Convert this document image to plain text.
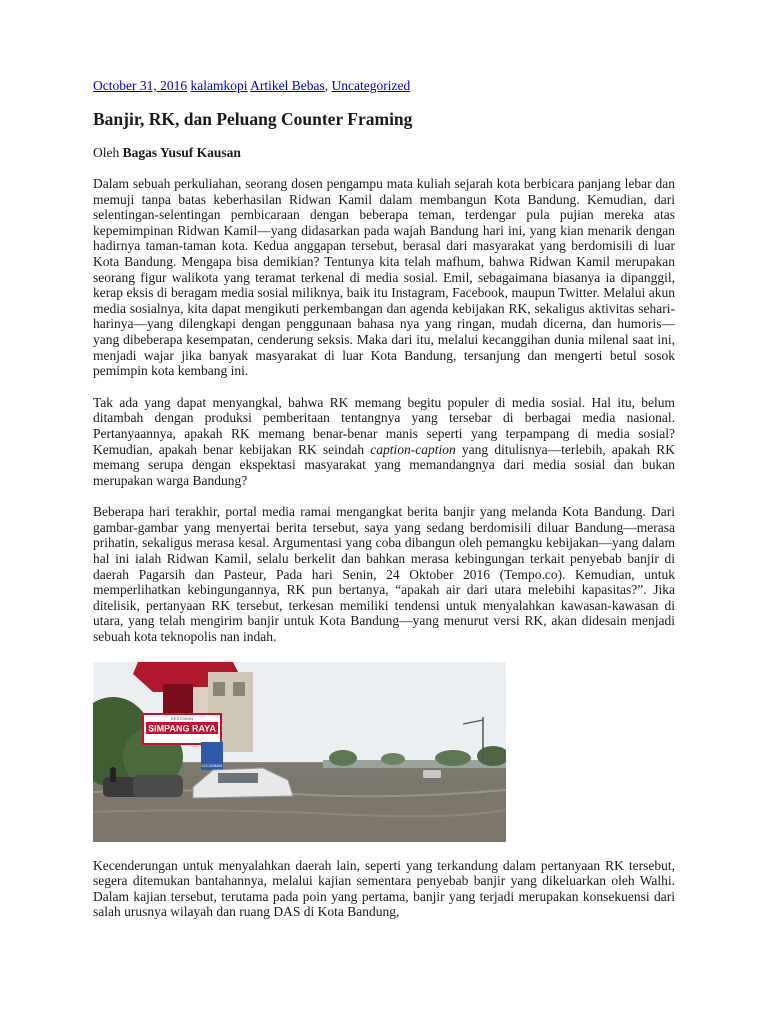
October 31, 2016 kalamkopi Artikel Bebas, Uncategorized

Banjir, RK, dan Peluang Counter Framing

Oleh Bagas Yusuf Kausan

Dalam sebuah perkuliahan, seorang dosen pengampu mata kuliah sejarah kota berbicara panjang lebar dan memuji tanpa batas keberhasilan Ridwan Kamil dalam membangun Kota Bandung. Kemudian, dari selentingan-selentingan pembicaraan dengan beberapa teman, terdengar pula pujian mereka atas kepemimpinan Ridwan Kamil—yang didasarkan pada wajah Bandung hari ini, yang kian menarik dengan hadirnya taman-taman kota. Kedua anggapan tersebut, berasal dari masyarakat yang berdomisili di luar Kota Bandung. Mengapa bisa demikian? Tentunya kita telah mafhum, bahwa Ridwan Kamil merupakan seorang figur walikota yang teramat terkenal di media sosial. Emil, sebagaimana biasanya ia dipanggil, kerap eksis di beragam media sosial miliknya, baik itu Instagram, Facebook, maupun Twitter. Melalui akun media sosialnya, kita dapat mengikuti perkembangan dan agenda kebijakan RK, sekaligus aktivitas sehari-harinya—yang dilengkapi dengan penggunaan bahasa nya yang ringan, mudah dicerna, dan humoris—yang dibeberapa kesempatan, cenderung seksis. Maka dari itu, melalui kecanggihan dunia milenal saat ini, menjadi wajar jika banyak masyarakat di luar Kota Bandung, tersanjung dan mengerti betul sosok pemimpin kota kembang ini.

Tak ada yang dapat menyangkal, bahwa RK memang begitu populer di media sosial. Hal itu, belum ditambah dengan produksi pemberitaan tentangnya yang tersebar di berbagai media nasional. Pertanyaannya, apakah RK memang benar-benar manis seperti yang terpampang di media sosial? Kemudian, apakah benar kebijakan RK seindah caption-caption yang ditulisnya—terlebih, apakah RK memang serupa dengan ekspektasi masyarakat yang memandangnya dari media sosial dan bukan merupakan warga Bandung?

Beberapa hari terakhir, portal media ramai mengangkat berita banjir yang melanda Kota Bandung. Dari gambar-gambar yang menyertai berita tersebut, saya yang sedang berdomisili diluar Bandung—merasa prihatin, sekaligus merasa kesal. Argumentasi yang coba dibangun oleh pemangku kebijakan—yang dalam hal ini ialah Ridwan Kamil, selalu berkelit dan bahkan merasa kebingungan terkait penyebab banjir di daerah Pagarsih dan Pasteur, Pada hari Senin, 24 Oktober 2016 (Tempo.co). Kemudian, untuk memperlihatkan kebingungannya, RK pun bertanya, “apakah air dari utara melebihi kapasitas?”. Jika ditelisik, pertanyaan RK tersebut, terkesan memiliki tendensi untuk menyalahkan kawasan-kawasan di utara, yang telah mengirim banjir untuk Kota Bandung—yang menurut versi RK, akan didesain menjadi sebuah kota teknopolis nan indah.

RESTORAN
SIMPANG RAYA
022-2005466

Kecenderungan untuk menyalahkan daerah lain, seperti yang terkandung dalam pertanyaan RK tersebut, segera ditemukan bantahannya, melalui kajian sementara penyebab banjir yang dikeluarkan oleh Walhi. Dalam kajian tersebut, terutama pada poin yang pertama, banjir yang terjadi merupakan konsekuensi dari salah urusnya wilayah dan ruang DAS di Kota Bandung,
